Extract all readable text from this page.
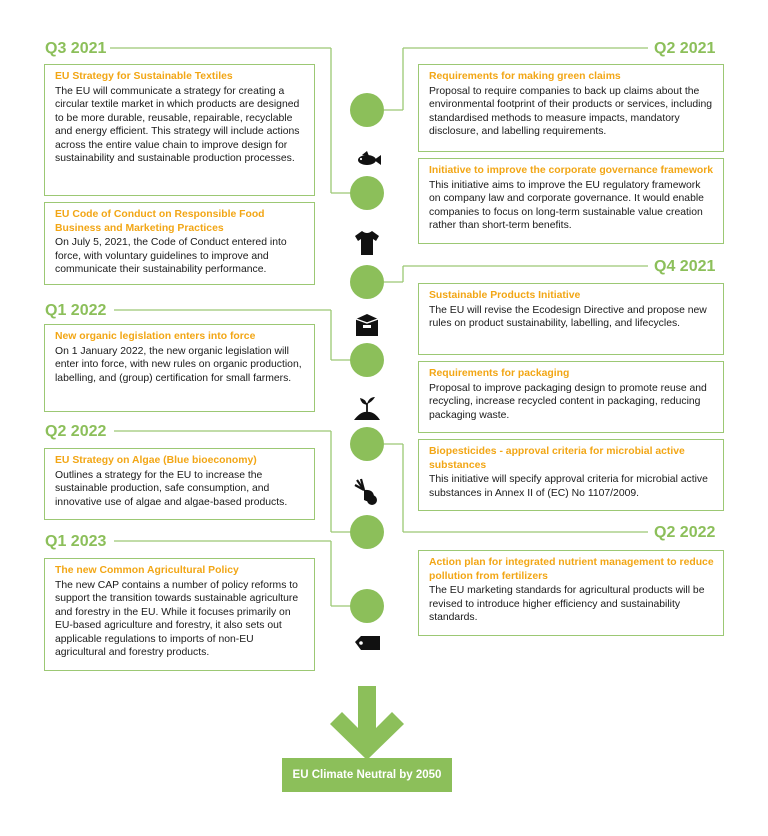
Q3 2021
Q1 2022
Q2 2022
Q1 2023
Q2 2021
Q4 2021
Q2 2022

EU Strategy for Sustainable Textiles

The EU will communicate a strategy for creating a circular textile market in which products are designed to be more durable, reusable, repairable, recyclable and energy efficient. This strategy will include actions across the entire value chain to improve design for sustainability and sustainable production processes.

EU Code of Conduct on Responsible Food Business and Marketing Practices

On July 5, 2021, the Code of Conduct entered into force, with voluntary guidelines to improve and communicate their sustainability performance.

New organic legislation enters into force

On 1 January 2022, the new organic legislation will enter into force, with new rules on organic production, labelling, and (group) certification for small farmers.

EU Strategy on Algae (Blue bioeconomy)

Outlines a strategy for the EU to increase the sustainable production, safe consumption, and innovative use of algae and algae-based products.

The new Common Agricultural Policy

The new CAP contains a number of policy reforms to support the transition towards sustainable agriculture and forestry in the EU. While it focuses primarily on EU-based agriculture and forestry, it also sets out applicable regulations to imports of non-EU agricultural and forestry products.

Requirements for making green claims

Proposal to require companies to back up claims about the environmental footprint of their products or services, including standardised methods to measure impacts, mandatory disclosure, and labelling requirements.

Initiative to improve the corporate governance framework

This initiative aims to improve the EU regulatory framework on company law and corporate governance. It would enable companies to focus on long-term sustainable value creation rather than short-term benefits.

Sustainable Products Initiative

The EU will revise the Ecodesign Directive and propose new rules on product sustainability, labelling, and lifecycles.

Requirements for packaging

Proposal to improve packaging design to promote reuse and recycling, increase recycled content in packaging, reducing packaging waste.

Biopesticides - approval criteria for microbial active substances

This initiative will specify approval criteria for microbial active substances in Annex II of (EC) No 1107/2009.

Action plan for integrated nutrient management to reduce pollution from fertilizers

The EU marketing standards for agricultural products will be revised to introduce higher efficiency and sustainability standards.

EU Climate Neutral by 2050
